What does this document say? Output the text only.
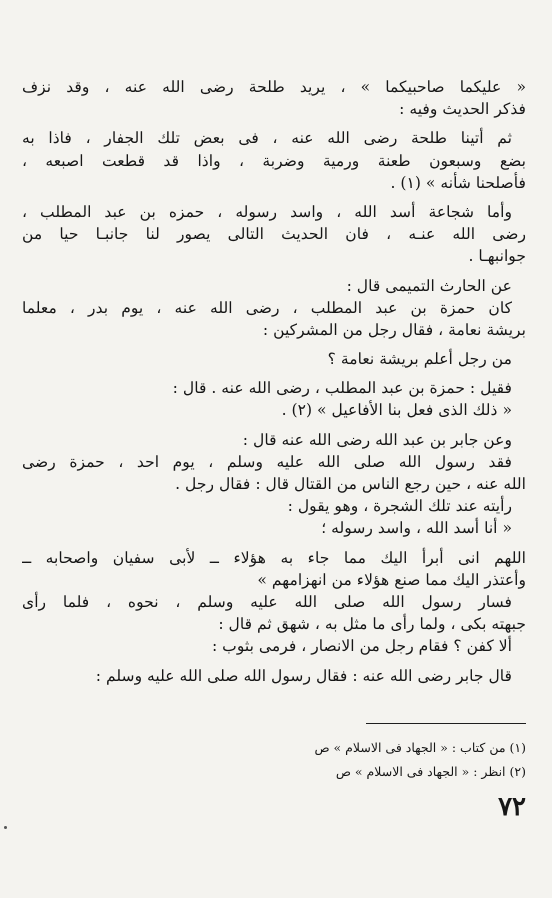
« عليكما صاحبيكما » ، يريد طلحة رضى الله عنه ، وقد نزف
فذكر الحديث وفيه :
ثم أتينا طلحة رضى الله عنه ، فى بعض تلك الجفار ، فاذا به
بضع وسبعون طعنة ورمية وضربة ، واذا قد قطعت اصبعه ،
فأصلحنا شأنه » (١) .
وأما شجاعة أسد الله ، واسد رسوله ، حمزه بن عبد المطلب ،
رضى الله عنـه ، فان الحديث التالى يصور لنا جانبـا حيا من
جوانبهـا .
عن الحارث التميمى قال :
كان حمزة بن عبد المطلب ، رضى الله عنه ، يوم بدر ، معلما
بريشة نعامة ، فقال رجل من المشركين :
من رجل أعلم بريشة نعامة ؟
فقيل : حمزة بن عبد المطلب ، رضى الله عنه . قال :
« ذلك الذى فعل بنا الأفاعيل » (٢) .
وعن جابر بن عبد الله رضى الله عنه قال :
فقد رسول الله صلى الله عليه وسلم ، يوم احد ، حمزة رضى
الله عنه ، حين رجع الناس من القتال قال : فقال رجل .
رأيته عند تلك الشجرة ، وهو يقول :
« أنا أسد الله ، واسد رسوله ؛
اللهم انى أبرأ اليك مما جاء به هؤلاء ــ لأبى سفيان واصحابه ــ
وأعتذر اليك مما صنع هؤلاء من انهزامهم »
فسار رسول الله صلى الله عليه وسلم ، نحوه ، فلما رأى
جبهته بكى ، ولما رأى ما مثل به ، شهق ثم قال :
ألا كفن ؟ فقام رجل من الانصار ، فرمى بثوب :
قال جابر رضى الله عنه : فقال رسول الله صلى الله عليه وسلم :
(١) من كتاب : « الجهاد فى الاسلام » ص
(٢) انظر : « الجهاد فى الاسلام » ص
٧٢
